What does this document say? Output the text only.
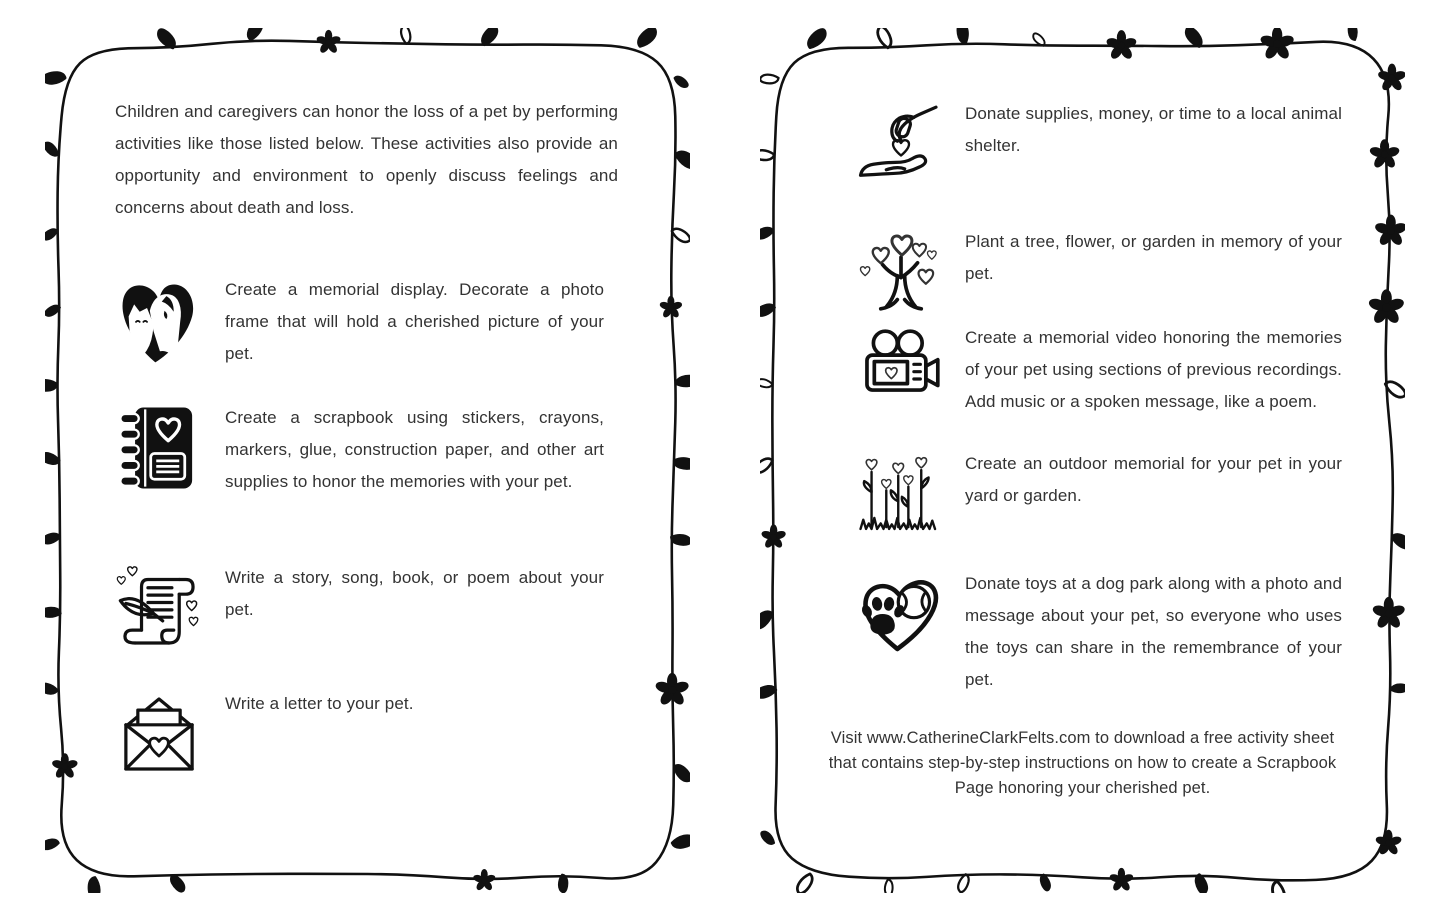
Children and caregivers can honor the loss of a pet by performing activities like those listed below. These activities also provide an opportunity and environment to openly discuss feelings and concerns about death and loss.

Create a memorial display. Decorate a photo frame that will hold a cherished picture of your pet.

Create a scrapbook using stickers, crayons, markers, glue, construction paper, and other art supplies to honor the memories with your pet.

Write a story, song, book, or poem about your pet.

Write a letter to your pet.

Donate supplies, money, or time to a local animal shelter.

Plant a tree, flower, or garden in memory of your pet.

Create a memorial video honoring the memories of your pet using sections of previous recordings. Add music or a spoken message, like a poem.

Create an outdoor memorial for your pet in your yard or garden.

Donate toys at a dog park along with a photo and message about your pet, so everyone who uses the toys can share in the remembrance of your pet.

Visit www.CatherineClarkFelts.com to download a free activity sheet that contains step-by-step instructions on how to create a Scrapbook Page honoring your cherished pet.
